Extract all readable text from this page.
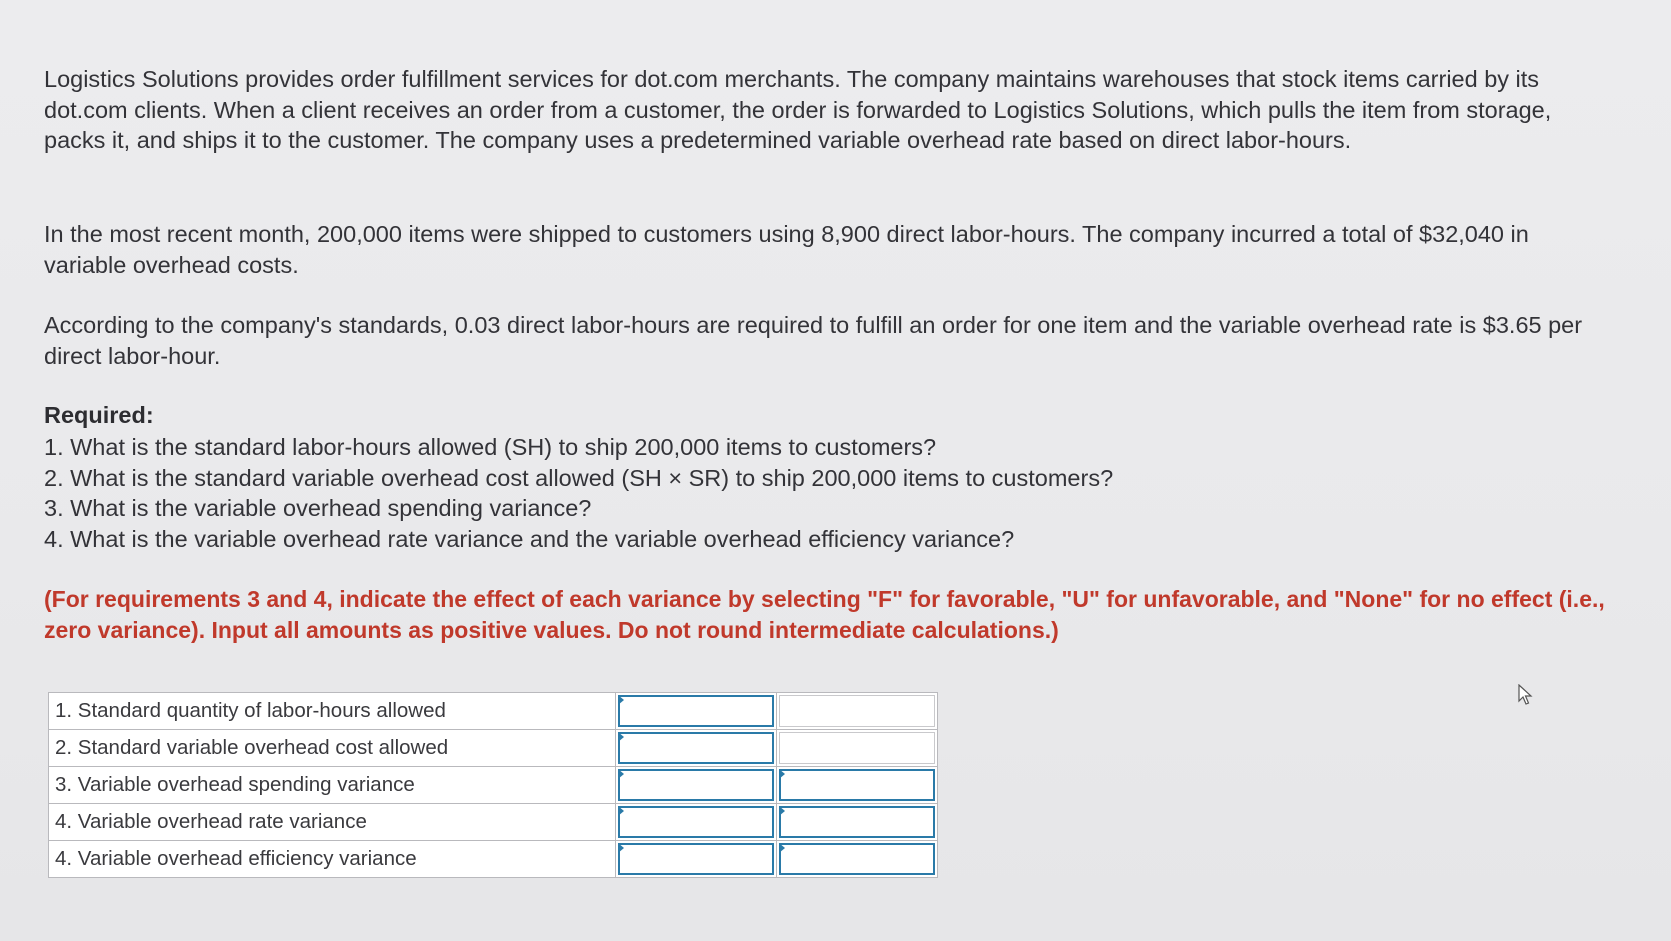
Logistics Solutions provides order fulfillment services for dot.com merchants. The company maintains warehouses that stock items carried by its dot.com clients. When a client receives an order from a customer, the order is forwarded to Logistics Solutions, which pulls the item from storage, packs it, and ships it to the customer. The company uses a predetermined variable overhead rate based on direct labor-hours.

In the most recent month, 200,000 items were shipped to customers using 8,900 direct labor-hours. The company incurred a total of $32,040 in variable overhead costs.

According to the company's standards, 0.03 direct labor-hours are required to fulfill an order for one item and the variable overhead rate is $3.65 per direct labor-hour.

Required:
1. What is the standard labor-hours allowed (SH) to ship 200,000 items to customers?
2. What is the standard variable overhead cost allowed (SH × SR) to ship 200,000 items to customers?
3. What is the variable overhead spending variance?
4. What is the variable overhead rate variance and the variable overhead efficiency variance?
(For requirements 3 and 4, indicate the effect of each variance by selecting "F" for favorable, "U" for unfavorable, and "None" for no effect (i.e., zero variance). Input all amounts as positive values. Do not round intermediate calculations.)
1. Standard quantity of labor-hours allowed	

2. Standard variable overhead cost allowed	

3. Variable overhead spending variance	

4. Variable overhead rate variance	

4. Variable overhead efficiency variance	
